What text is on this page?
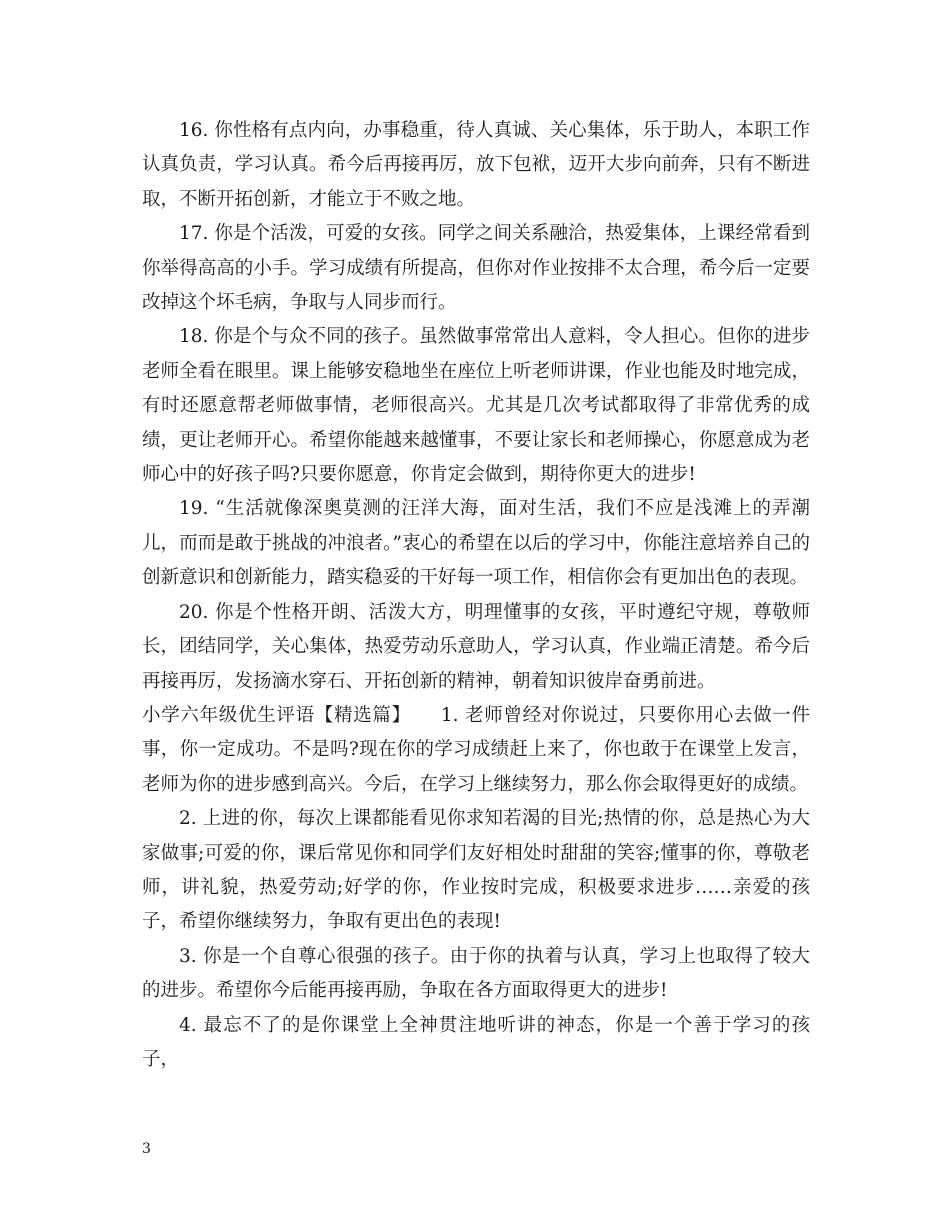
16. 你性格有点内向，办事稳重，待人真诚、关心集体，乐于助人，本职工作认真负责，学习认真。希今后再接再厉，放下包袱，迈开大步向前奔，只有不断进取，不断开拓创新，才能立于不败之地。

17. 你是个活泼，可爱的女孩。同学之间关系融洽，热爱集体，上课经常看到你举得高高的小手。学习成绩有所提高，但你对作业按排不太合理，希今后一定要改掉这个坏毛病，争取与人同步而行。

18. 你是个与众不同的孩子。虽然做事常常出人意料，令人担心。但你的进步老师全看在眼里。课上能够安稳地坐在座位上听老师讲课，作业也能及时地完成，有时还愿意帮老师做事情，老师很高兴。尤其是几次考试都取得了非常优秀的成绩，更让老师开心。希望你能越来越懂事，不要让家长和老师操心，你愿意成为老师心中的好孩子吗?只要你愿意，你肯定会做到，期待你更大的进步!

19. “生活就像深奥莫测的汪洋大海，面对生活，我们不应是浅滩上的弄潮儿，而而是敢于挑战的冲浪者。”衷心的希望在以后的学习中，你能注意培养自己的创新意识和创新能力，踏实稳妥的干好每一项工作，相信你会有更加出色的表现。

20. 你是个性格开朗、活泼大方，明理懂事的女孩，平时遵纪守规，尊敬师长，团结同学，关心集体，热爱劳动乐意助人，学习认真，作业端正清楚。希今后再接再厉，发扬滴水穿石、开拓创新的精神，朝着知识彼岸奋勇前进。

小学六年级优生评语【精选篇】 1. 老师曾经对你说过，只要你用心去做一件事，你一定成功。不是吗?现在你的学习成绩赶上来了，你也敢于在课堂上发言，老师为你的进步感到高兴。今后，在学习上继续努力，那么你会取得更好的成绩。

2. 上进的你，每次上课都能看见你求知若渴的目光;热情的你，总是热心为大家做事;可爱的你，课后常见你和同学们友好相处时甜甜的笑容;懂事的你，尊敬老师，讲礼貌，热爱劳动;好学的你，作业按时完成，积极要求进步……亲爱的孩子，希望你继续努力，争取有更出色的表现!

3. 你是一个自尊心很强的孩子。由于你的执着与认真，学习上也取得了较大的进步。希望你今后能再接再励，争取在各方面取得更大的进步!

4. 最忘不了的是你课堂上全神贯注地听讲的神态，你是一个善于学习的孩子，

3
